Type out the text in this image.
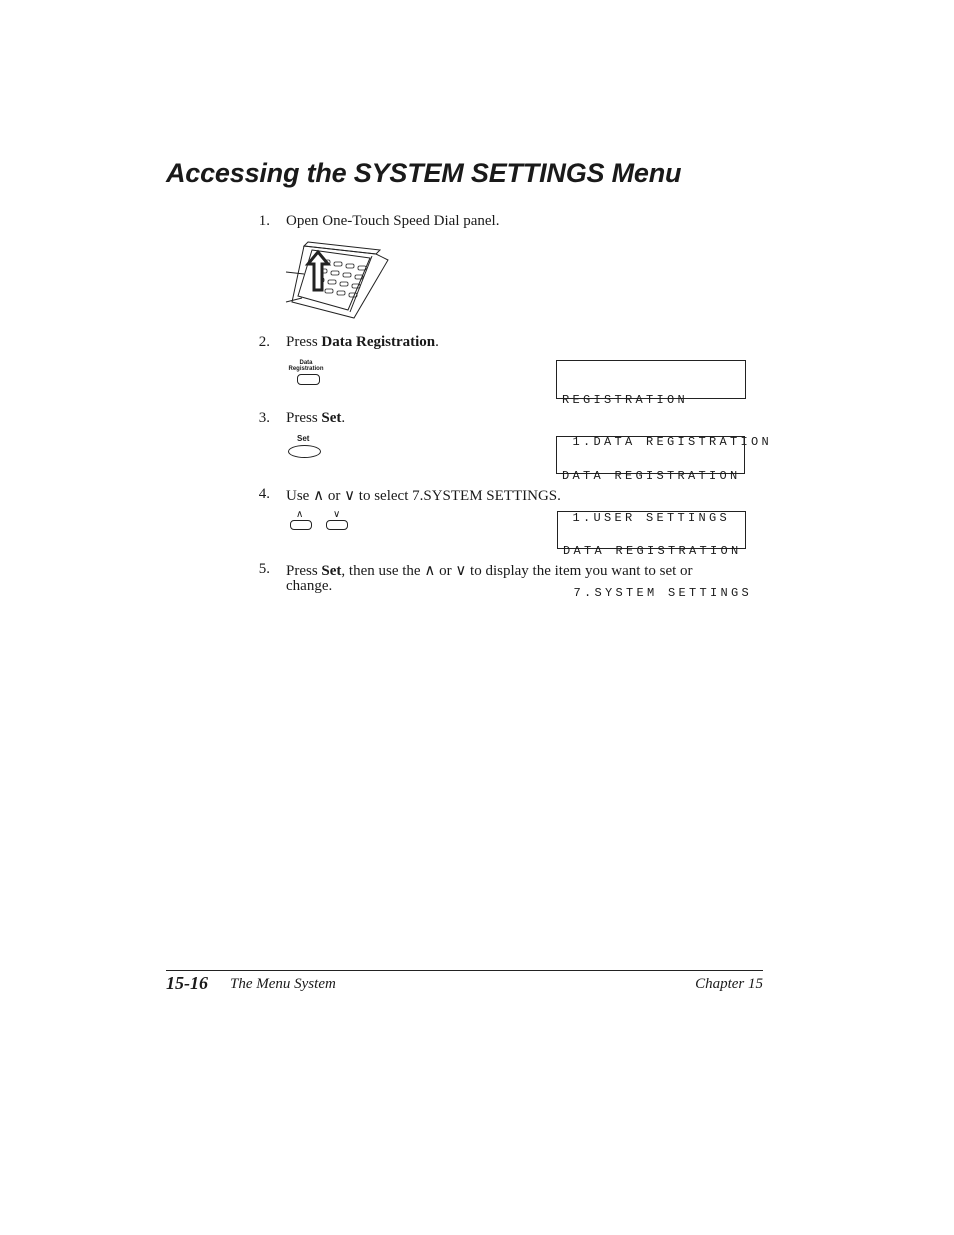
Accessing the SYSTEM SETTINGS Menu
1. Open One-Touch Speed Dial panel.
2. Press Data Registration.
Data
Registration

REGISTRATION

1.DATA REGISTRATION

3. Press Set.
Set

DATA REGISTRATION

1.USER SETTINGS

4. Use ∧ or ∨ to select 7.SYSTEM SETTINGS.
∧	∨

DATA REGISTRATION

7.SYSTEM SETTINGS

5. Press Set, then use the ∧ or ∨ to display the item you want to set or
change.
15-16 The Menu System	Chapter 15
